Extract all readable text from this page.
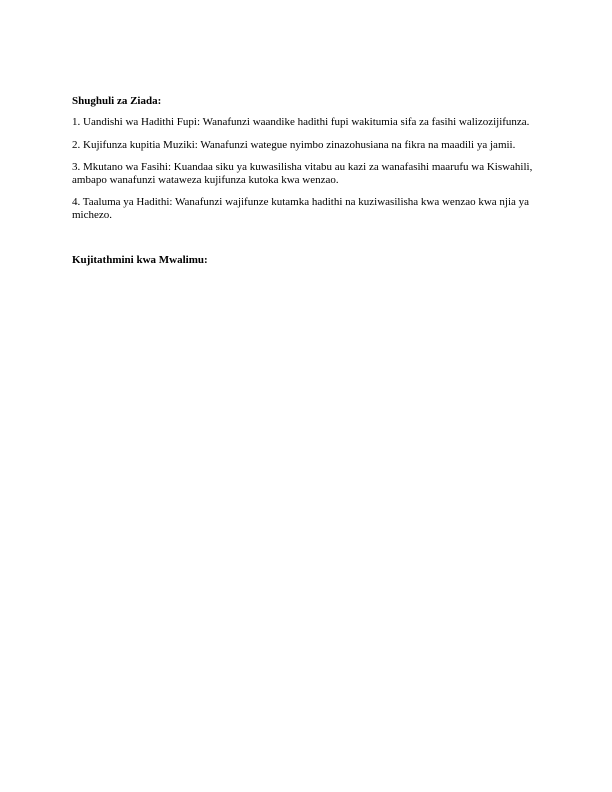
Shughuli za Ziada:
1. Uandishi wa Hadithi Fupi: Wanafunzi waandike hadithi fupi wakitumia sifa za fasihi walizozijifunza.
2. Kujifunza kupitia Muziki: Wanafunzi wategue nyimbo zinazohusiana na fikra na maadili ya jamii.
3. Mkutano wa Fasihi: Kuandaa siku ya kuwasilisha vitabu au kazi za wanafasihi maarufu wa Kiswahili, ambapo wanafunzi wataweza kujifunza kutoka kwa wenzao.
4. Taaluma ya Hadithi: Wanafunzi wajifunze kutamka hadithi na kuziwasilisha kwa wenzao kwa njia ya michezo.
Kujitathmini kwa Mwalimu:
